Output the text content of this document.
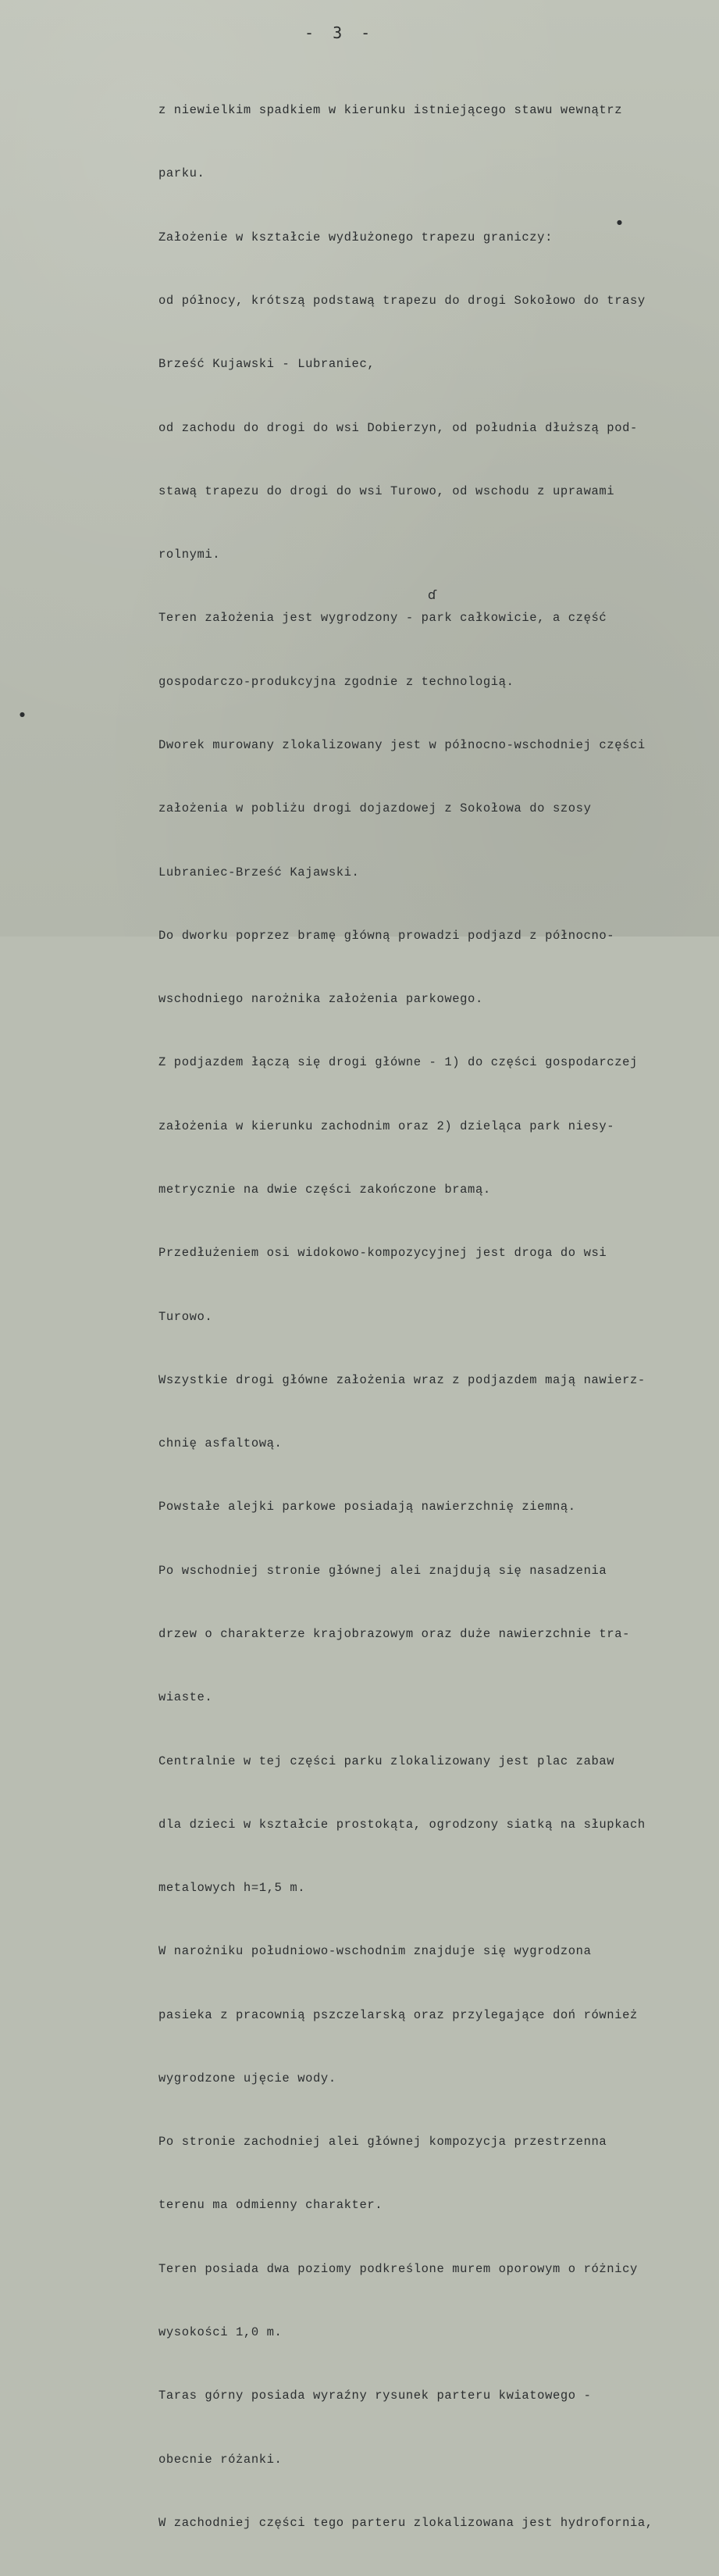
- 3 -

z niewielkim spadkiem w kierunku istniejącego stawu wewnątrz

parku.

Założenie w kształcie wydłużonego trapezu graniczy:

od północy, krótszą podstawą trapezu do drogi Sokołowo do trasy

Brześć Kujawski - Lubraniec,

od zachodu do drogi do wsi Dobierzyn, od południa dłuższą pod-

stawą trapezu do drogi do wsi Turowo, od wschodu z uprawami

rolnymi.

Teren założenia jest wygrodzony - park całkowicie, a część

gospodarczo-produkcyjna zgodnie z technologią.

Dworek murowany zlokalizowany jest w północno-wschodniej części

założenia w pobliżu drogi dojazdowej z Sokołowa do szosy

Lubraniec-Brześć Kajawski.

Do dworku poprzez bramę główną prowadzi podjazd z północno-

wschodniego narożnika założenia parkowego.

Z podjazdem łączą się drogi główne - 1) do części gospodarczej

założenia w kierunku zachodnim oraz 2) dzieląca park niesy-

metrycznie na dwie części zakończone bramą.

Przedłużeniem osi widokowo-kompozycyjnej jest droga do wsi

Turowo.

Wszystkie drogi główne założenia wraz z podjazdem mają nawierz-

chnię asfaltową.

Powstałe alejki parkowe posiadają nawierzchnię ziemną.

Po wschodniej stronie głównej alei znajdują się nasadzenia

drzew o charakterze krajobrazowym oraz duże nawierzchnie tra-

wiaste.

Centralnie w tej części parku zlokalizowany jest plac zabaw

dla dzieci w kształcie prostokąta, ogrodzony siatką na słupkach

metalowych h=1,5 m.

W narożniku południowo-wschodnim znajduje się wygrodzona

pasieka z pracownią pszczelarską oraz przylegające doń również

wygrodzone ujęcie wody.

Po stronie zachodniej alei głównej kompozycja przestrzenna

terenu ma odmienny charakter.

Teren posiada dwa poziomy podkreślone murem oporowym o różnicy

wysokości 1,0 m.

Taras górny posiada wyraźny rysunek parteru kwiatowego -

obecnie różanki.

W zachodniej części tego parteru zlokalizowana jest hydrofornia,

ɗ
●
●
